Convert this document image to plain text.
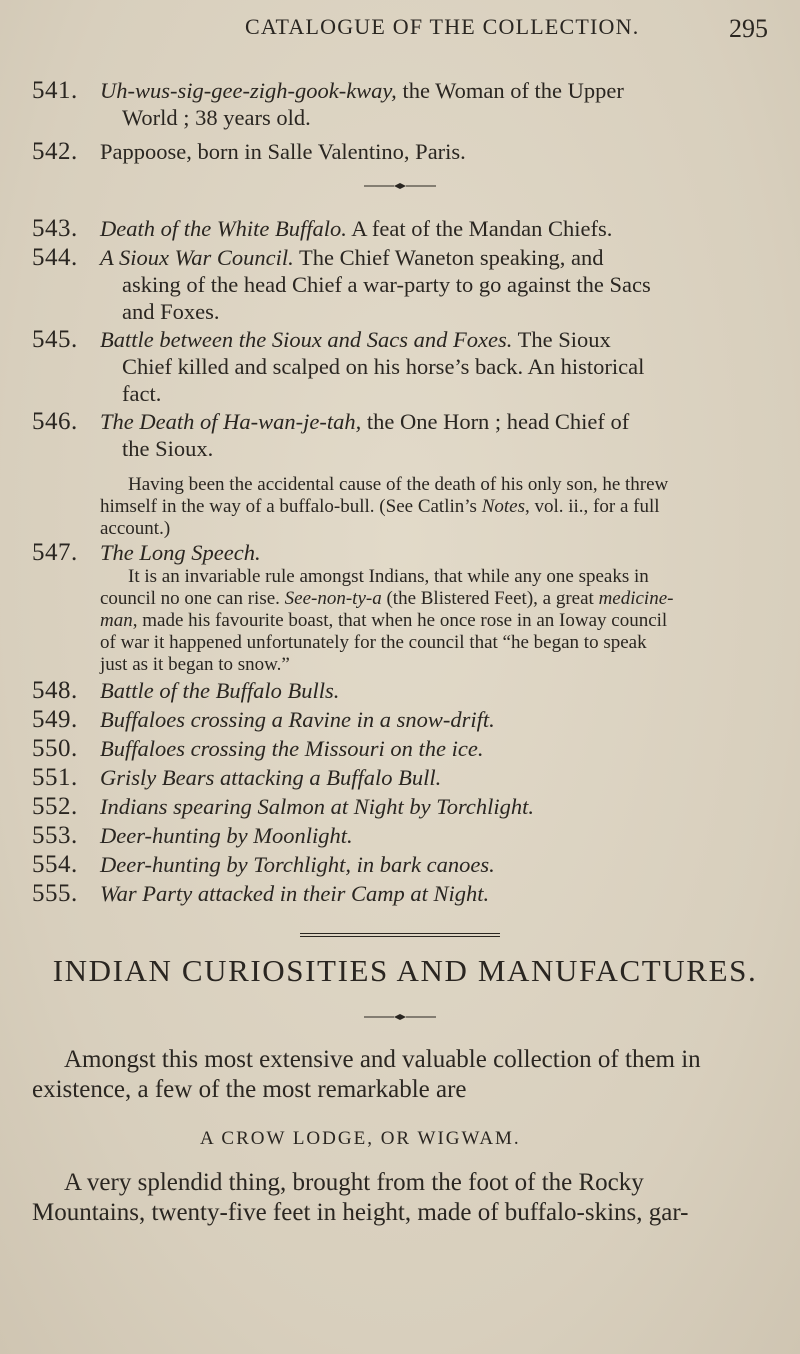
CATALOGUE OF THE COLLECTION.	295
541. Uh-wus-sig-gee-zigh-gook-kway, the Woman of the Upper
World ; 38 years old.
542. Pappoose, born in Salle Valentino, Paris.
543. Death of the White Buffalo. A feat of the Mandan Chiefs.
544. A Sioux War Council. The Chief Waneton speaking, and
asking of the head Chief a war-party to go against the Sacs
and Foxes.
545. Battle between the Sioux and Sacs and Foxes. The Sioux
Chief killed and scalped on his horse’s back. An historical
fact.
546. The Death of Ha-wan-je-tah, the One Horn ; head Chief of
the Sioux.
Having been the accidental cause of the death of his only son, he threw
himself in the way of a buffalo-bull. (See Catlin’s Notes, vol. ii., for a full
account.)
547. The Long Speech.
It is an invariable rule amongst Indians, that while any one speaks in
council no one can rise. See-non-ty-a (the Blistered Feet), a great medicine-
man, made his favourite boast, that when he once rose in an Ioway council
of war it happened unfortunately for the council that “he began to speak
just as it began to snow.”
548. Battle of the Buffalo Bulls.
549. Buffaloes crossing a Ravine in a snow-drift.
550. Buffaloes crossing the Missouri on the ice.
551. Grisly Bears attacking a Buffalo Bull.
552. Indians spearing Salmon at Night by Torchlight.
553. Deer-hunting by Moonlight.
554. Deer-hunting by Torchlight, in bark canoes.
555. War Party attacked in their Camp at Night.
INDIAN CURIOSITIES AND MANUFACTURES.
Amongst this most extensive and valuable collection of them in
existence, a few of the most remarkable are
A CROW LODGE, OR WIGWAM.
A very splendid thing, brought from the foot of the Rocky
Mountains, twenty-five feet in height, made of buffalo-skins, gar-
